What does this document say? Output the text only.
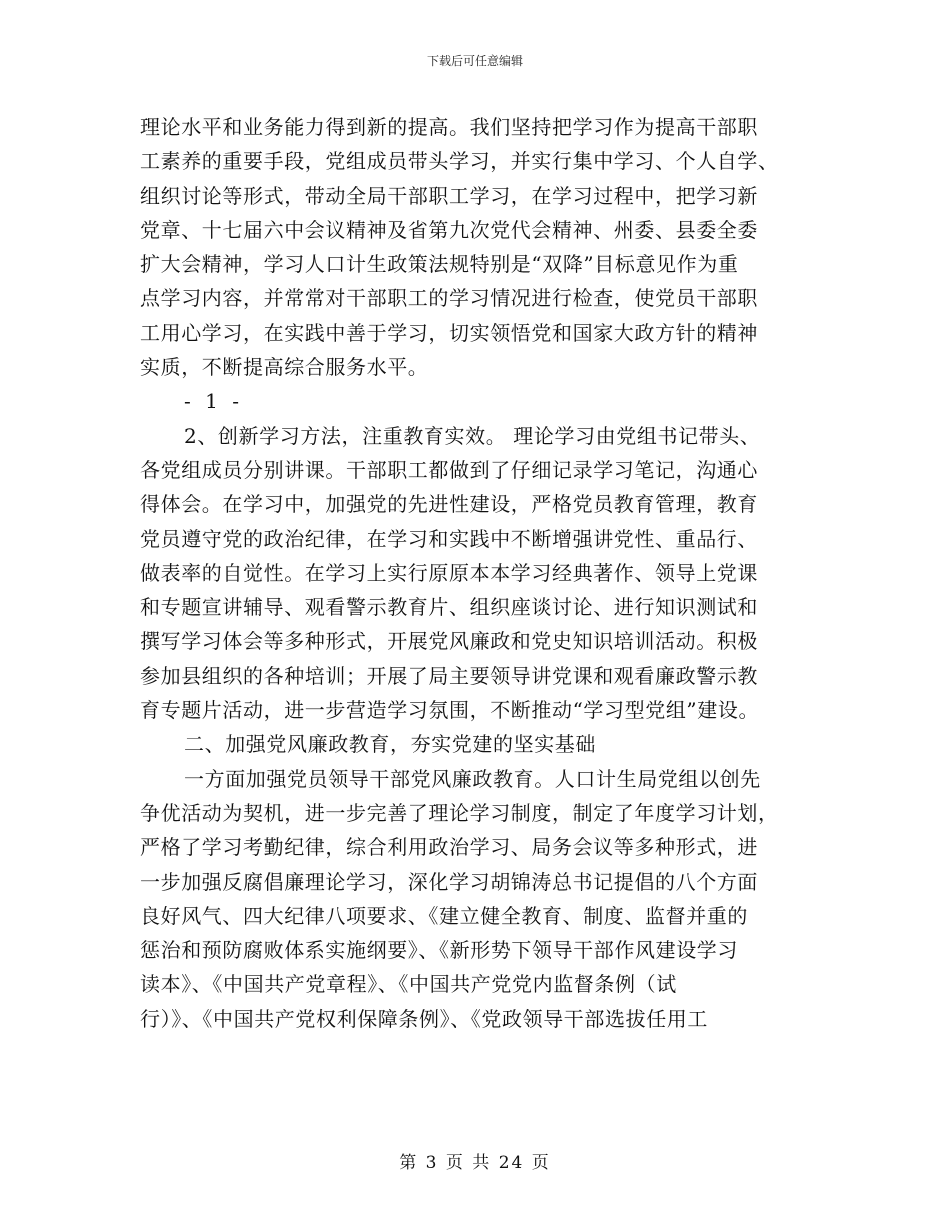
下载后可任意编辑
理论水平和业务能力得到新的提高。我们坚持把学习作为提高干部职
工素养的重要手段，党组成员带头学习，并实行集中学习、个人自学、
组织讨论等形式，带动全局干部职工学习，在学习过程中，把学习新
党章、十七届六中会议精神及省第九次党代会精神、州委、县委全委
扩大会精神，学习人口计生政策法规特别是“双降”目标意见作为重
点学习内容，并常常对干部职工的学习情况进行检查，使党员干部职
工用心学习，在实践中善于学习，切实领悟党和国家大政方针的精神
实质，不断提高综合服务水平。
- 1 -
2、创新学习方法，注重教育实效。 理论学习由党组书记带头、
各党组成员分别讲课。干部职工都做到了仔细记录学习笔记，沟通心
得体会。在学习中，加强党的先进性建设，严格党员教育管理，教育
党员遵守党的政治纪律，在学习和实践中不断增强讲党性、重品行、
做表率的自觉性。在学习上实行原原本本学习经典著作、领导上党课
和专题宣讲辅导、观看警示教育片、组织座谈讨论、进行知识测试和
撰写学习体会等多种形式，开展党风廉政和党史知识培训活动。积极
参加县组织的各种培训；开展了局主要领导讲党课和观看廉政警示教
育专题片活动，进一步营造学习氛围，不断推动“学习型党组”建设。
二、加强党风廉政教育，夯实党建的坚实基础
一方面加强党员领导干部党风廉政教育。人口计生局党组以创先
争优活动为契机，进一步完善了理论学习制度，制定了年度学习计划，
严格了学习考勤纪律，综合利用政治学习、局务会议等多种形式，进
一步加强反腐倡廉理论学习，深化学习胡锦涛总书记提倡的八个方面
良好风气、四大纪律八项要求、《建立健全教育、制度、监督并重的
惩治和预防腐败体系实施纲要》、《新形势下领导干部作风建设学习
读本》、《中国共产党章程》、《中国共产党党内监督条例（试
行）》、《中国共产党权利保障条例》、《党政领导干部选拔任用工
第 3 页 共 24 页
